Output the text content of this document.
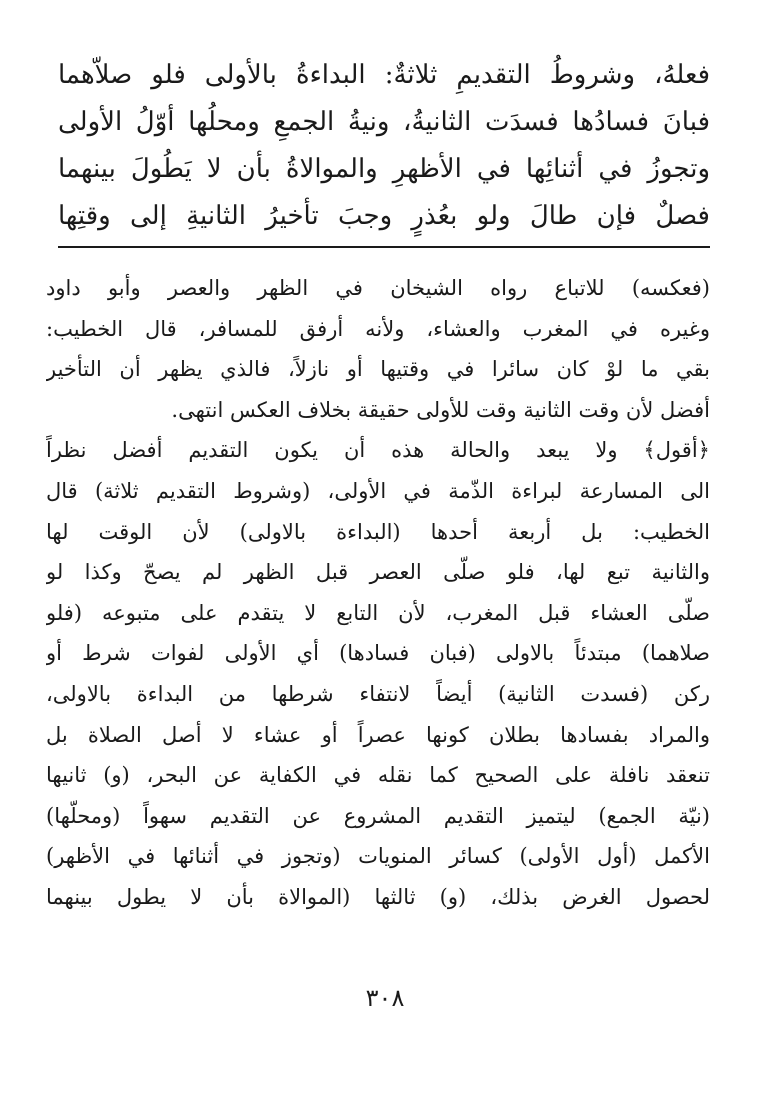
فعلهُ، وشروطُ التقديمِ ثلاثةٌ: البداءةُ بالأولى فلو صلاّهما
فبانَ فسادُها فسدَت الثانيةُ، ونيةُ الجمعِ ومحلُها أوّلُ الأولى
وتجوزُ في أثنائِها في الأظهرِ والموالاةُ بأن لا يَطُولَ بينهما
فصلٌ فإن طالَ ولو بعُذرٍ وجبَ تأخيرُ الثانيةِ إلى وقتِها
(فعكسه) للاتباع رواه الشيخان في الظهر والعصر وأبو داود
وغيره في المغرب والعشاء، ولأنه أرفق للمسافر، قال الخطيب:
بقي ما لوْ كان سائرا في وقتيها أو نازلاً، فالذي يظهر أن التأخير
أفضل لأن وقت الثانية وقت للأولى حقيقة بخلاف العكس انتهى.
﴿أقول﴾ ولا يبعد والحالة هذه أن يكون التقديم أفضل نظراً
الى المسارعة لبراءة الذّمة في الأولى، (وشروط التقديم ثلاثة) قال
الخطيب: بل أربعة أحدها (البداءة بالاولى) لأن الوقت لها
والثانية تبع لها، فلو صلّى العصر قبل الظهر لم يصحّ وكذا لو
صلّى العشاء قبل المغرب، لأن التابع لا يتقدم على متبوعه (فلو
صلاهما) مبتدئاً بالاولى (فبان فسادها) أي الأولى لفوات شرط أو
ركن (فسدت الثانية) أيضاً لانتفاء شرطها من البداءة بالاولى،
والمراد بفسادها بطلان كونها عصراً أو عشاء لا أصل الصلاة بل
تنعقد نافلة على الصحيح كما نقله في الكفاية عن البحر، (و) ثانيها
(نيّة الجمع) ليتميز التقديم المشروع عن التقديم سهواً (ومحلّها)
الأكمل (أول الأولى) كسائر المنويات (وتجوز في أثنائها في الأظهر)
لحصول الغرض بذلك، (و) ثالثها (الموالاة بأن لا يطول بينهما
٣٠٨
